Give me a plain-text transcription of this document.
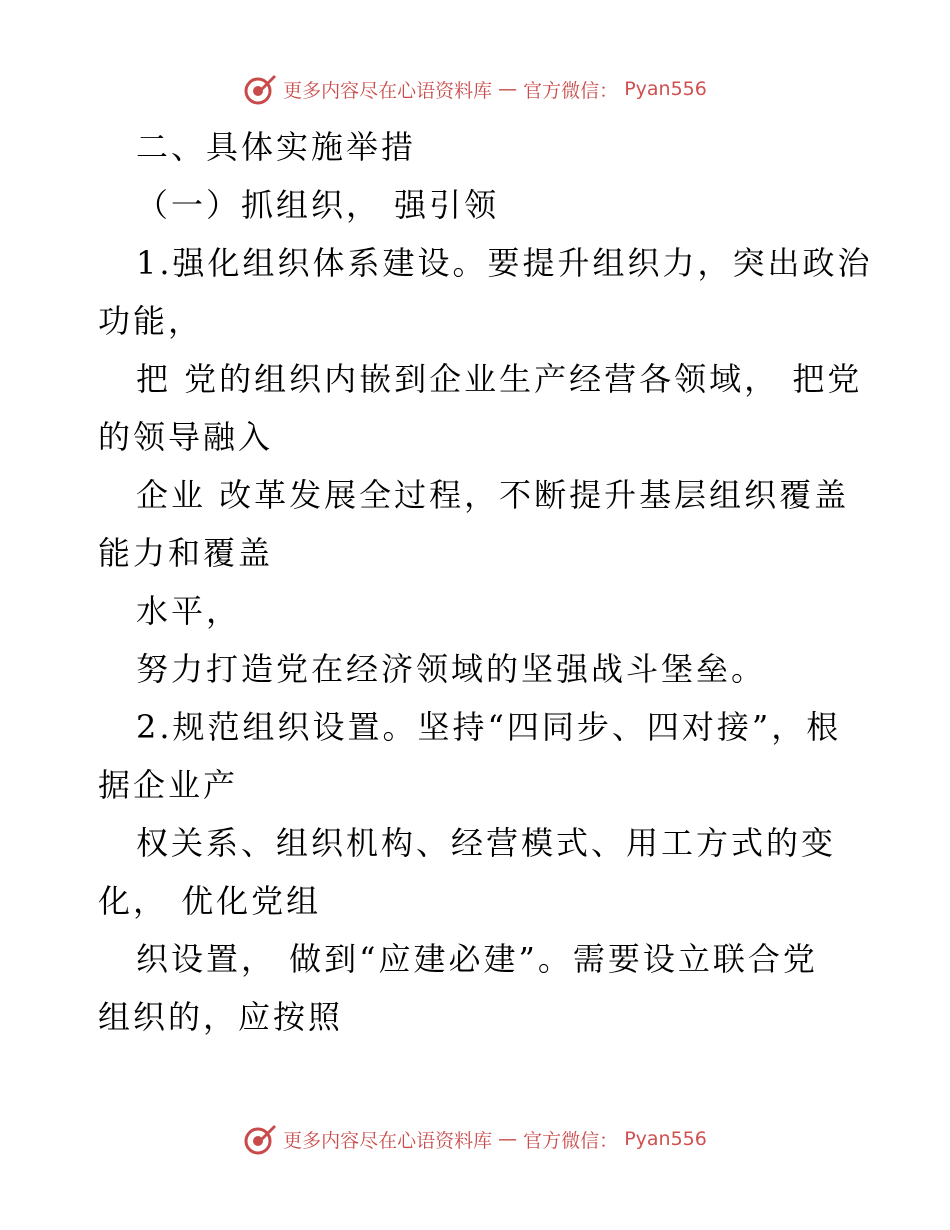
更多内容尽在心语资料库 — 官方微信： Pyan556
二、具体实施举措
（一）抓组织， 强引领
1.强化组织体系建设。要提升组织力，突出政治
功能，
把 党的组织内嵌到企业生产经营各领域， 把党
的领导融入
企业 改革发展全过程，不断提升基层组织覆盖
能力和覆盖
水平，
努力打造党在经济领域的坚强战斗堡垒。
2.规范组织设置。坚持“四同步、四对接”，根
据企业产
权关系、组织机构、经营模式、用工方式的变
化， 优化党组
织设置， 做到“应建必建”。需要设立联合党
组织的，应按照
更多内容尽在心语资料库 — 官方微信： Pyan556
